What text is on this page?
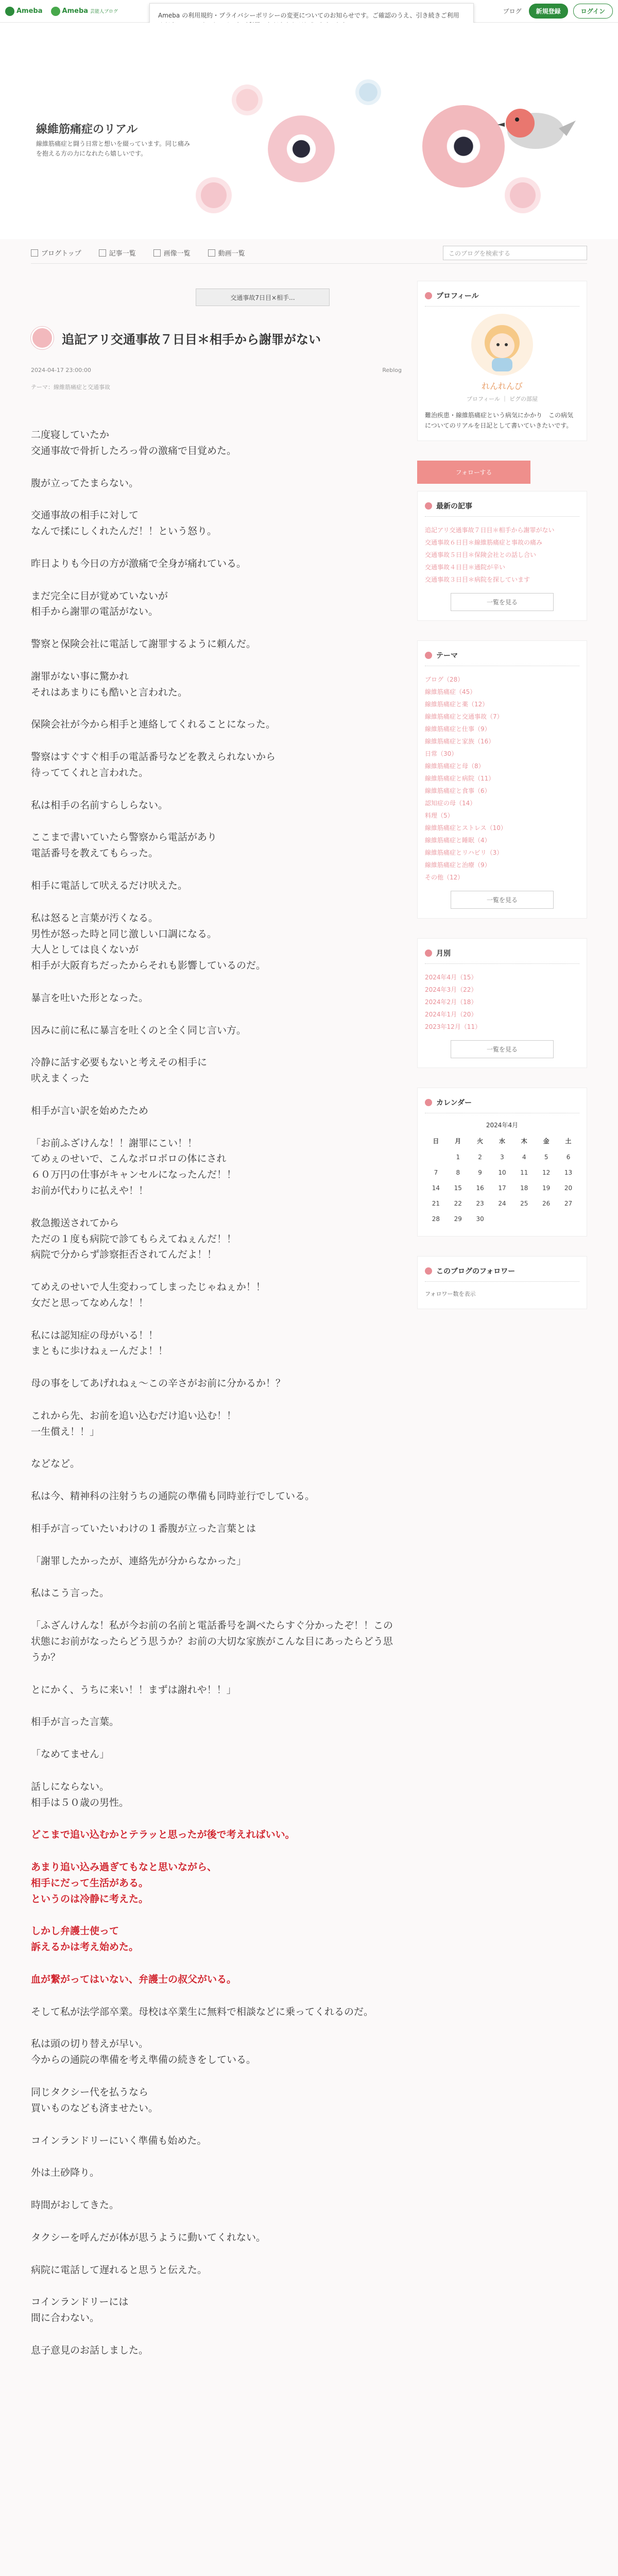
Ameba	Ameba 芸能人ブログ	ブログ	新規登録	ログイン
Ameba の利用規約・プライバシーポリシーの変更についてのお知らせです。ご確認のうえ、引き続きご利用
線維筋痛症のリアル
線維筋痛症と闘う日常と想いを綴っています。同じ痛みを抱える方の力になれたら嬉しいです。
ブログトップ	記事一覧	画像一覧	動画一覧	このブログを検索する
交通事故7日目×相手...
追記アリ交通事故７日目＊相手から謝罪がない
2024-04-17 23:00:00	Reblog
テーマ：線維筋痛症と交通事故

二度寝していたか
交通事故で骨折したろっ骨の激痛で目覚めた。

腹が立ってたまらない。

交通事故の相手に対して
なんで揉にしくれたんだ！！という怒り。

昨日よりも今日の方が激痛で全身が痛れている。

まだ完全に目が覚めていないが
相手から謝罪の電話がない。

警察と保険会社に電話して謝罪するように頼んだ。

謝罪がない事に驚かれ
それはあまりにも酷いと言われた。

保険会社が今から相手と連絡してくれることになった。

警察はすぐすぐ相手の電話番号などを教えられないから
待っててくれと言われた。

私は相手の名前すらしらない。

ここまで書いていたら警察から電話があり
電話番号を教えてもらった。

相手に電話して吠えるだけ吠えた。

私は怒ると言葉が汚くなる。
男性が怒った時と同じ激しい口調になる。
大人としては良くないが
相手が大阪育ちだったからそれも影響しているのだ。

暴言を吐いた形となった。

因みに前に私に暴言を吐くのと全く同じ言い方。

冷静に話す必要もないと考えその相手に
吠えまくった

相手が言い訳を始めたため

「お前ふざけんな！！謝罪にこい！！
てめぇのせいで、こんなボロボロの体にされ
６０万円の仕事がキャンセルになったんだ！！
お前が代わりに払えや！！

救急搬送されてから
ただの１度も病院で診てもらえてねぇんだ！！
病院で分からず診察拒否されてんだよ！！

てめえのせいで人生変わってしまったじゃねぇか！！
女だと思ってなめんな！！

私には認知症の母がいる！！
まともに歩けねぇーんだよ！！

母の事をしてあげれねぇ～この辛さがお前に分かるか！？

これから先、お前を追い込むだけ追い込む！！
一生償え！！」

などなど。

私は今、精神科の注射うちの通院の準備も同時並行でしている。

相手が言っていたいわけの１番腹が立った言葉とは

「謝罪したかったが、連絡先が分からなかった」

私はこう言った。

「ふざんけんな！私が今お前の名前と電話番号を調べたらすぐ分かったぞ！！この状態にお前がなったらどう思うか？お前の大切な家族がこんな目にあったらどう思うか？

とにかく、うちに来い！！まずは謝れや！！」

相手が言った言葉。

「なめてません」

話しにならない。
相手は５０歳の男性。

どこまで追い込むかとテラッと思ったが後で考えればいい。

あまり追い込み過ぎてもなと思いながら、
相手にだって生活がある。
というのは冷静に考えた。

しかし弁護士使って
訴えるかは考え始めた。

血が繋がってはいない、弁護士の叔父がいる。

そして私が法学部卒業。母校は卒業生に無料で相談などに乗ってくれるのだ。

私は頭の切り替えが早い。
今からの通院の準備を考え準備の続きをしている。

同じタクシー代を払うなら
買いものなども済ませたい。

コインランドリーにいく準備も始めた。

外は土砂降り。

時間がおしてきた。

タクシーを呼んだが体が思うように動いてくれない。

病院に電話して遅れると思うと伝えた。

コインランドリーには
間に合わない。

息子意見のお話しました。

プロフィール
れんれんび
プロフィール ｜ ピグの部屋
難治疾患・線維筋痛症という病気にかかり　この病気についてのリアルを日記として書いていきたいです。
フォローする
最新の記事
追記アリ交通事故７日目＊相手から謝罪がない
交通事故６日目＊線維筋痛症と事故の痛み
交通事故５日目＊保険会社との話し合い
交通事故４日目＊通院が辛い
交通事故３日目＊病院を探しています
一覧を見る
テーマ
ブログ（28）
線維筋痛症（45）
線維筋痛症と薬（12）
線維筋痛症と交通事故（7）
線維筋痛症と仕事（9）
線維筋痛症と家族（16）
日常（30）
線維筋痛症と母（8）
線維筋痛症と病院（11）
線維筋痛症と食事（6）
認知症の母（14）
料理（5）
線維筋痛症とストレス（10）
線維筋痛症と睡眠（4）
線維筋痛症とリハビリ（3）
線維筋痛症と治療（9）
その他（12）
一覧を見る
月別
2024年4月（15）
2024年3月（22）
2024年2月（18）
2024年1月（20）
2023年12月（11）
一覧を見る
カレンダー
2024年4月
日	月	火	水	木	金	土
	1	2	3	4	5	6
7	8	9	10	11	12	13
14	15	16	17	18	19	20
21	22	23	24	25	26	27
28	29	30				
このブログのフォロワー
フォロワー数を表示
